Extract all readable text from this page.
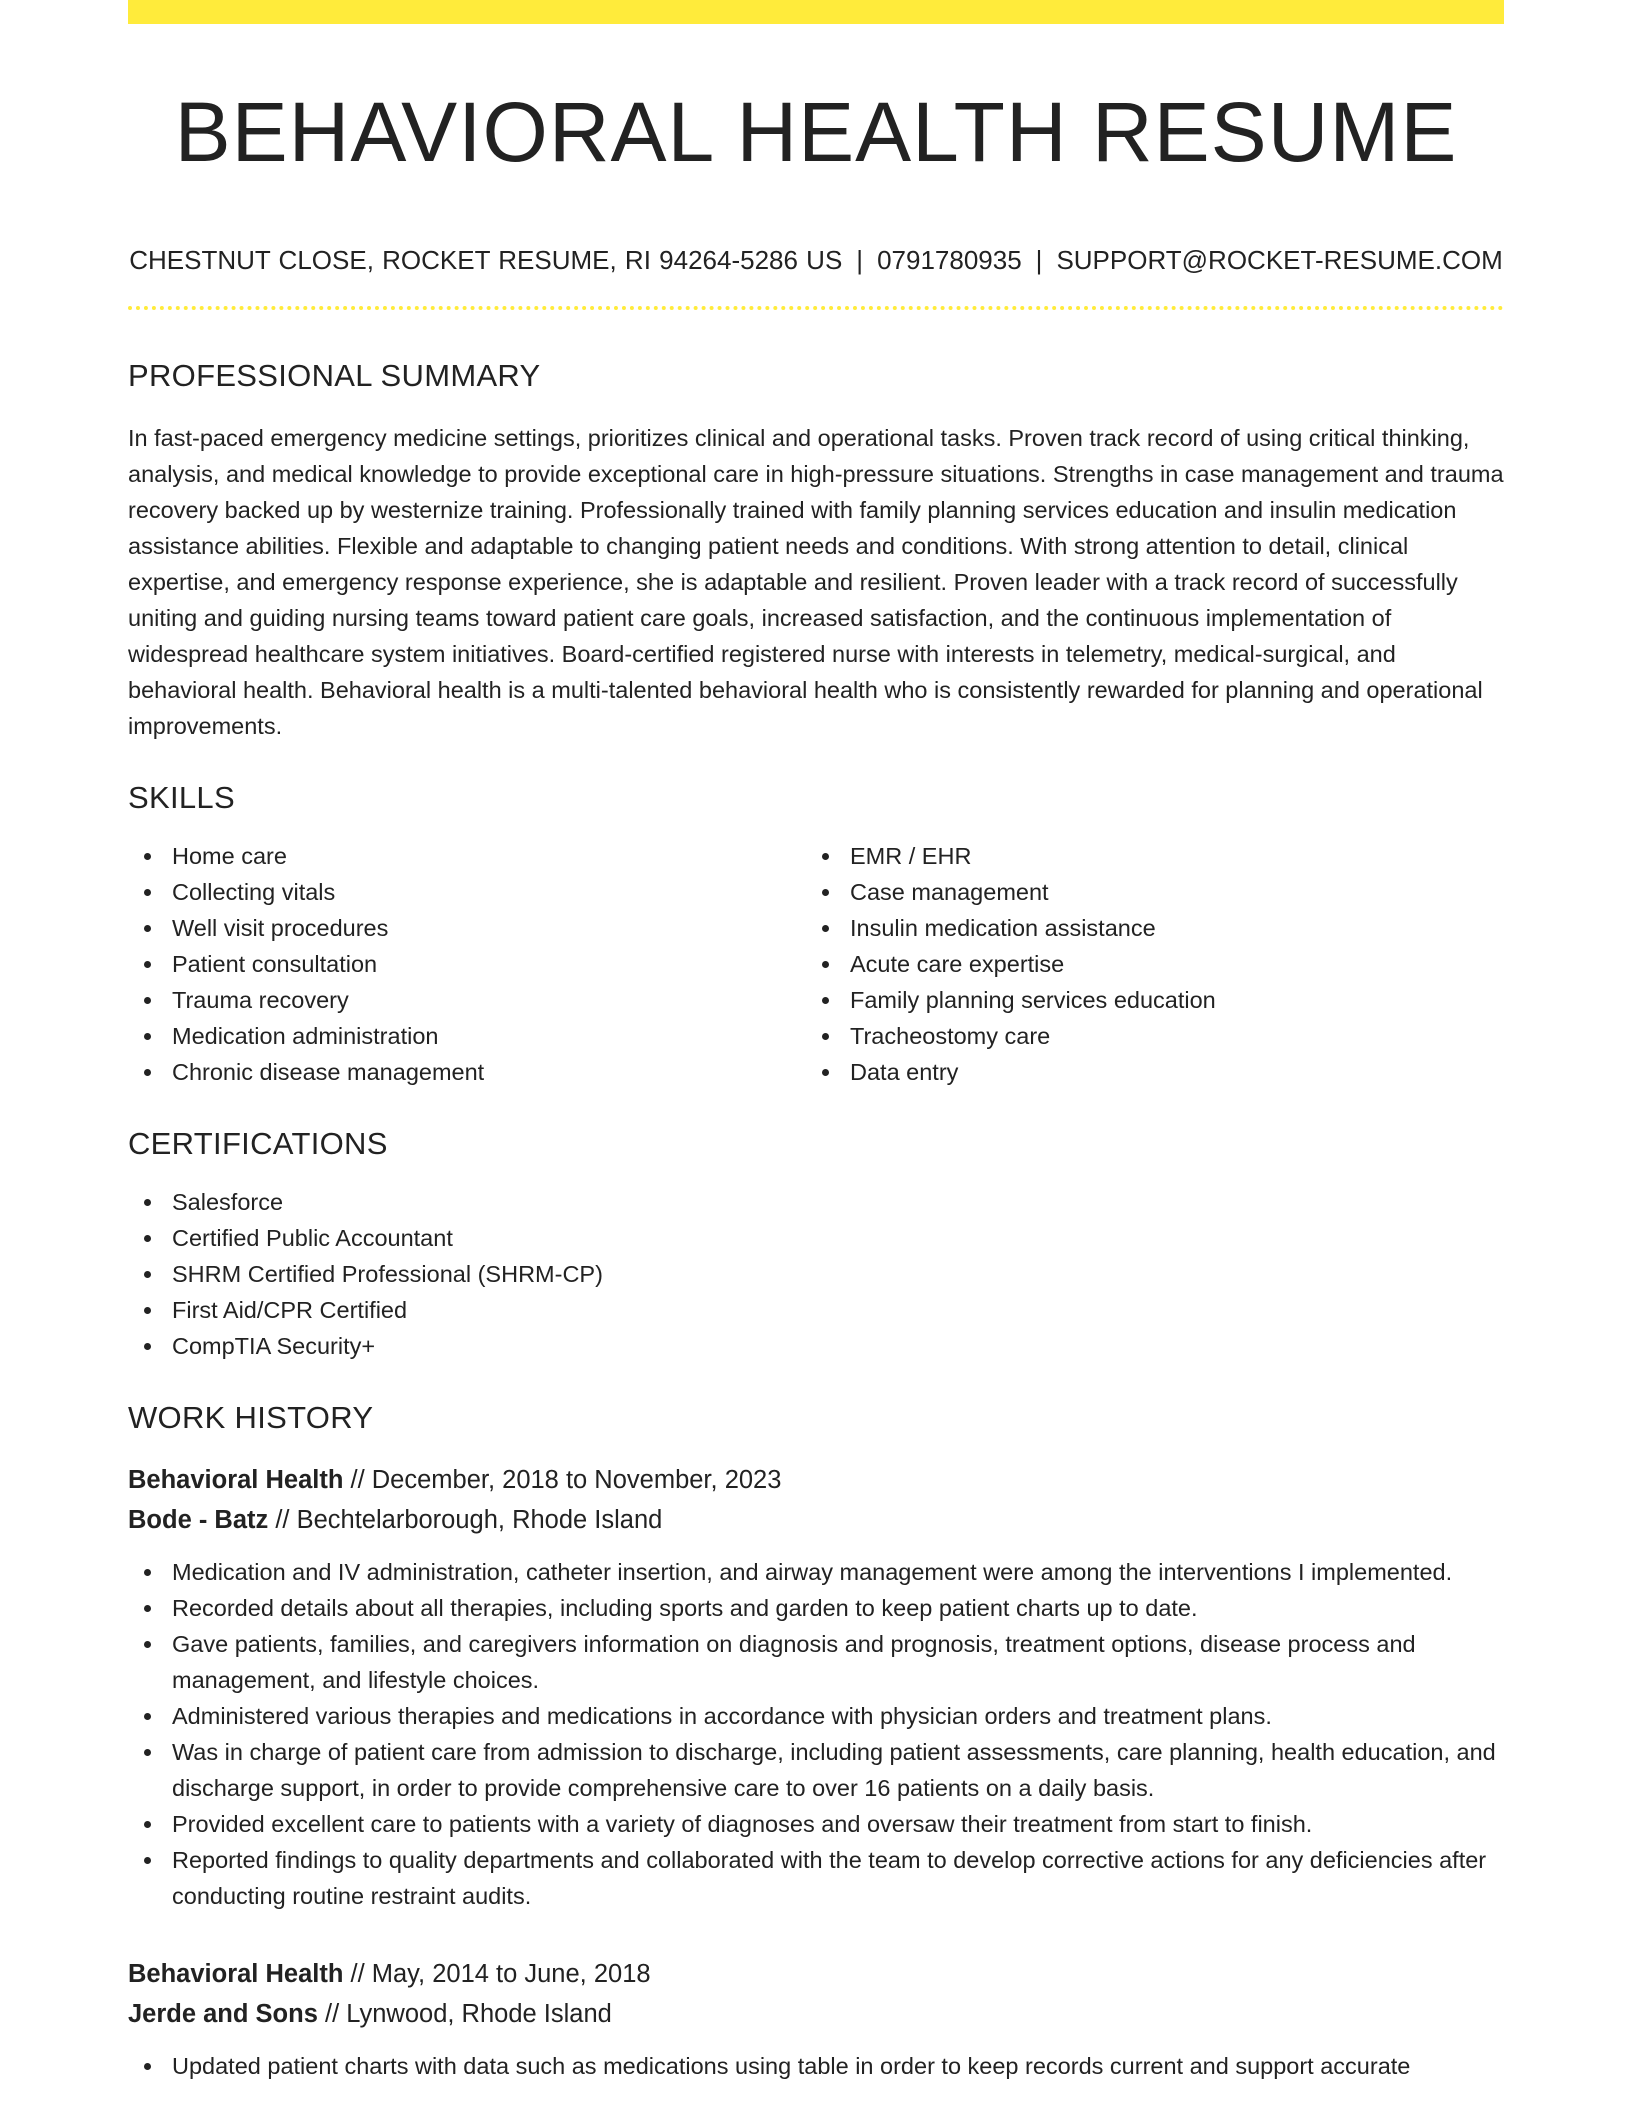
BEHAVIORAL HEALTH RESUME
CHESTNUT CLOSE, ROCKET RESUME, RI 94264-5286 US | 0791780935 | SUPPORT@ROCKET-RESUME.COM
PROFESSIONAL SUMMARY

In fast-paced emergency medicine settings, prioritizes clinical and operational tasks. Proven track record of using critical thinking, analysis, and medical knowledge to provide exceptional care in high-pressure situations. Strengths in case management and trauma recovery backed up by westernize training. Professionally trained with family planning services education and insulin medication assistance abilities. Flexible and adaptable to changing patient needs and conditions. With strong attention to detail, clinical expertise, and emergency response experience, she is adaptable and resilient. Proven leader with a track record of successfully uniting and guiding nursing teams toward patient care goals, increased satisfaction, and the continuous implementation of widespread healthcare system initiatives. Board-certified registered nurse with interests in telemetry, medical-surgical, and behavioral health. Behavioral health is a multi-talented behavioral health who is consistently rewarded for planning and operational improvements.

SKILLS
Home care
Collecting vitals
Well visit procedures
Patient consultation
Trauma recovery
Medication administration
Chronic disease management
EMR / EHR
Case management
Insulin medication assistance
Acute care expertise
Family planning services education
Tracheostomy care
Data entry
CERTIFICATIONS
Salesforce
Certified Public Accountant
SHRM Certified Professional (SHRM-CP)
First Aid/CPR Certified
CompTIA Security+
WORK HISTORY
Behavioral Health // December, 2018 to November, 2023
Bode - Batz // Bechtelarborough, Rhode Island
Medication and IV administration, catheter insertion, and airway management were among the interventions I implemented.
Recorded details about all therapies, including sports and garden to keep patient charts up to date.
Gave patients, families, and caregivers information on diagnosis and prognosis, treatment options, disease process and management, and lifestyle choices.
Administered various therapies and medications in accordance with physician orders and treatment plans.
Was in charge of patient care from admission to discharge, including patient assessments, care planning, health education, and discharge support, in order to provide comprehensive care to over 16 patients on a daily basis.
Provided excellent care to patients with a variety of diagnoses and oversaw their treatment from start to finish.
Reported findings to quality departments and collaborated with the team to develop corrective actions for any deficiencies after conducting routine restraint audits.
Behavioral Health // May, 2014 to June, 2018
Jerde and Sons // Lynwood, Rhode Island
Updated patient charts with data such as medications using table in order to keep records current and support accurate
